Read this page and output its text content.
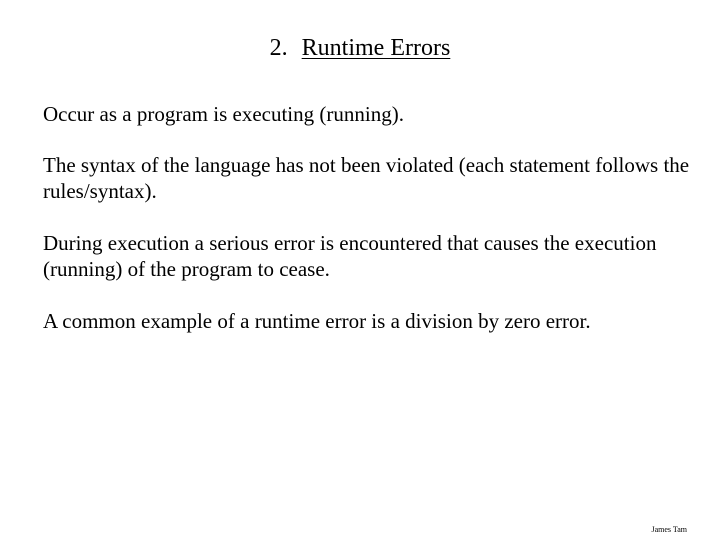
2. Runtime Errors

Occur as a program is executing (running).

The syntax of the language has not been violated (each statement follows the rules/syntax).

During execution a serious error is encountered that causes the execution (running) of the program to cease.

A common example of a runtime error is a division by zero error.

James Tam
